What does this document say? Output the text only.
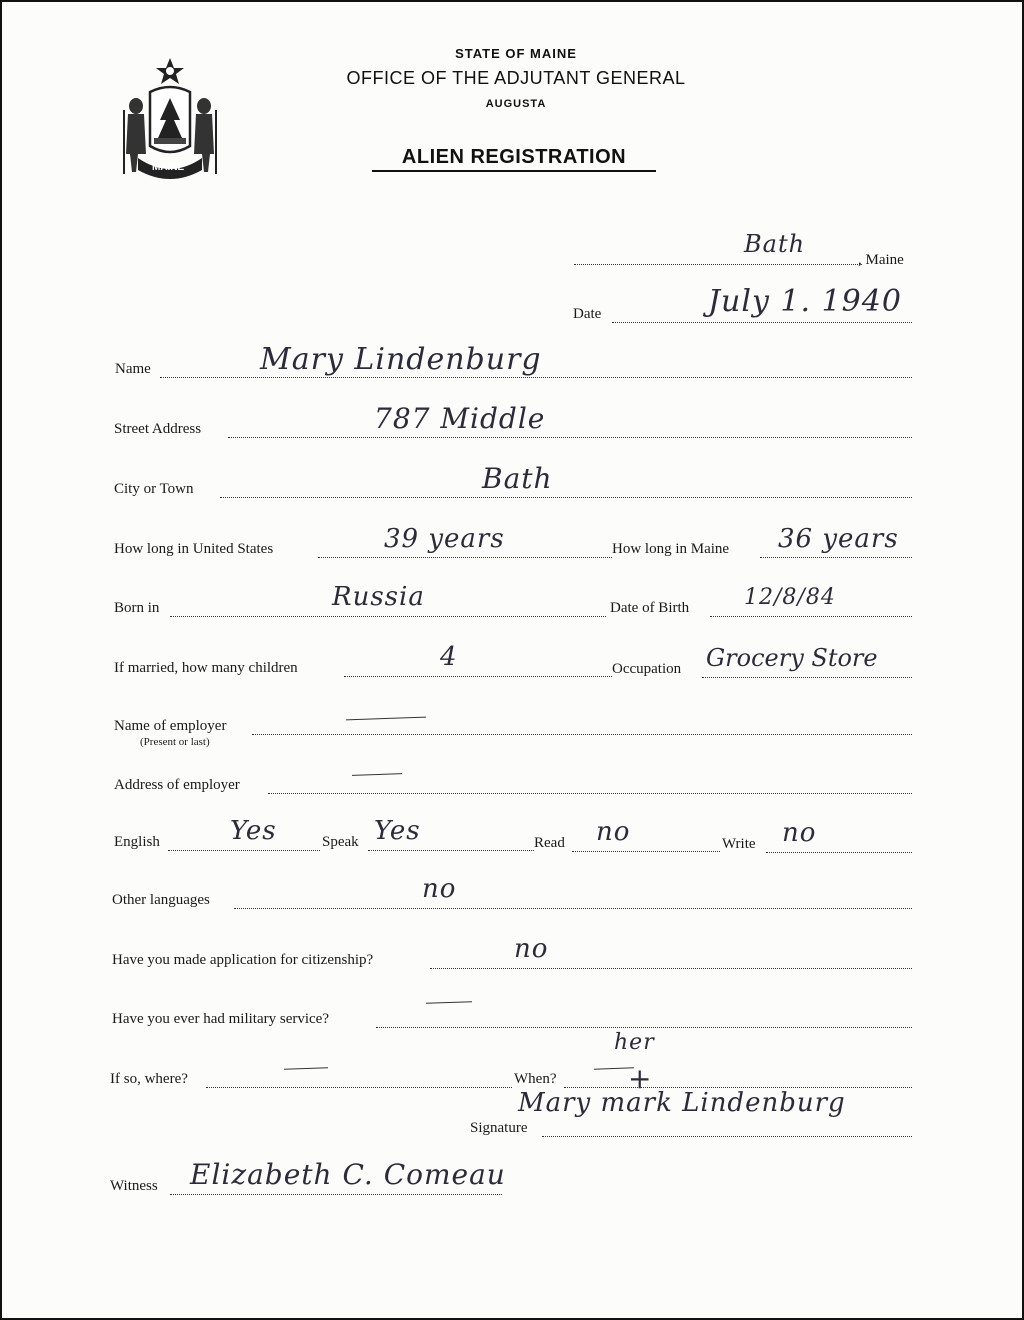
MAINE
STATE OF MAINE
OFFICE OF THE ADJUTANT GENERAL
AUGUSTA
ALIEN REGISTRATION
Bath
, Maine
Date	July 1. 1940
Name	Mary Lindenburg
Street Address	787 Middle
City or Town	Bath
How long in United States	39 years	How long in Maine 36 years
Born in	Russia	Date of Birth 12/8/84
If married, how many children	4	Occupation Grocery Store
Name of employer
(Present or last)
Address of employer
English	Yes	Speak Yes	Read no	Write no
Other languages	no
Have you made application for citizenship?	no
Have you ever had military service?
If so, where?	When?
her
+
Mary mark Lindenburg
Signature
Witness Elizabeth C. Comeau
